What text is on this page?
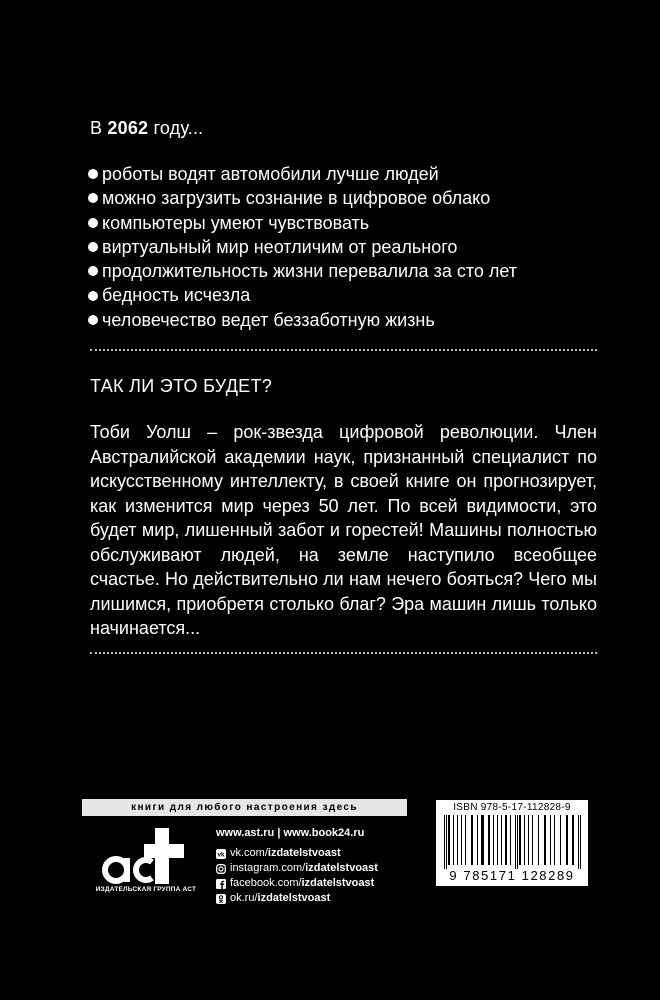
В 2062 году...
роботы водят автомобили лучше людей
можно загрузить сознание в цифровое облако
компьютеры умеют чувствовать
виртуальный мир неотличим от реального
продолжительность жизни перевалила за сто лет
бедность исчезла
человечество ведет беззаботную жизнь
ТАК ЛИ ЭТО БУДЕТ?
Тоби Уолш – рок-звезда цифровой революции. Член Австралийской академии наук, признанный специалист по искусственному интеллекту, в своей книге он прогнозирует, как изменится мир через 50 лет. По всей видимости, это будет мир, лишенный забот и горестей! Машины полностью обслуживают людей, на земле наступило всеобщее счастье. Но действительно ли нам нечего бояться? Чего мы лишимся, приобретя столько благ? Эра машин лишь только начинается...
книги для любого настроения здесь
ИЗДАТЕЛЬСКАЯ ГРУППА АСТ
www.ast.ru | www.book24.ru
vk vk.com/ izdatelstvoast
instagram.com/ izdatelstvoast
facebook.com/ izdatelstvoast
ok.ru/ izdatelstvoast
ISBN 978-5-17-112828-9
9 785171 128289
